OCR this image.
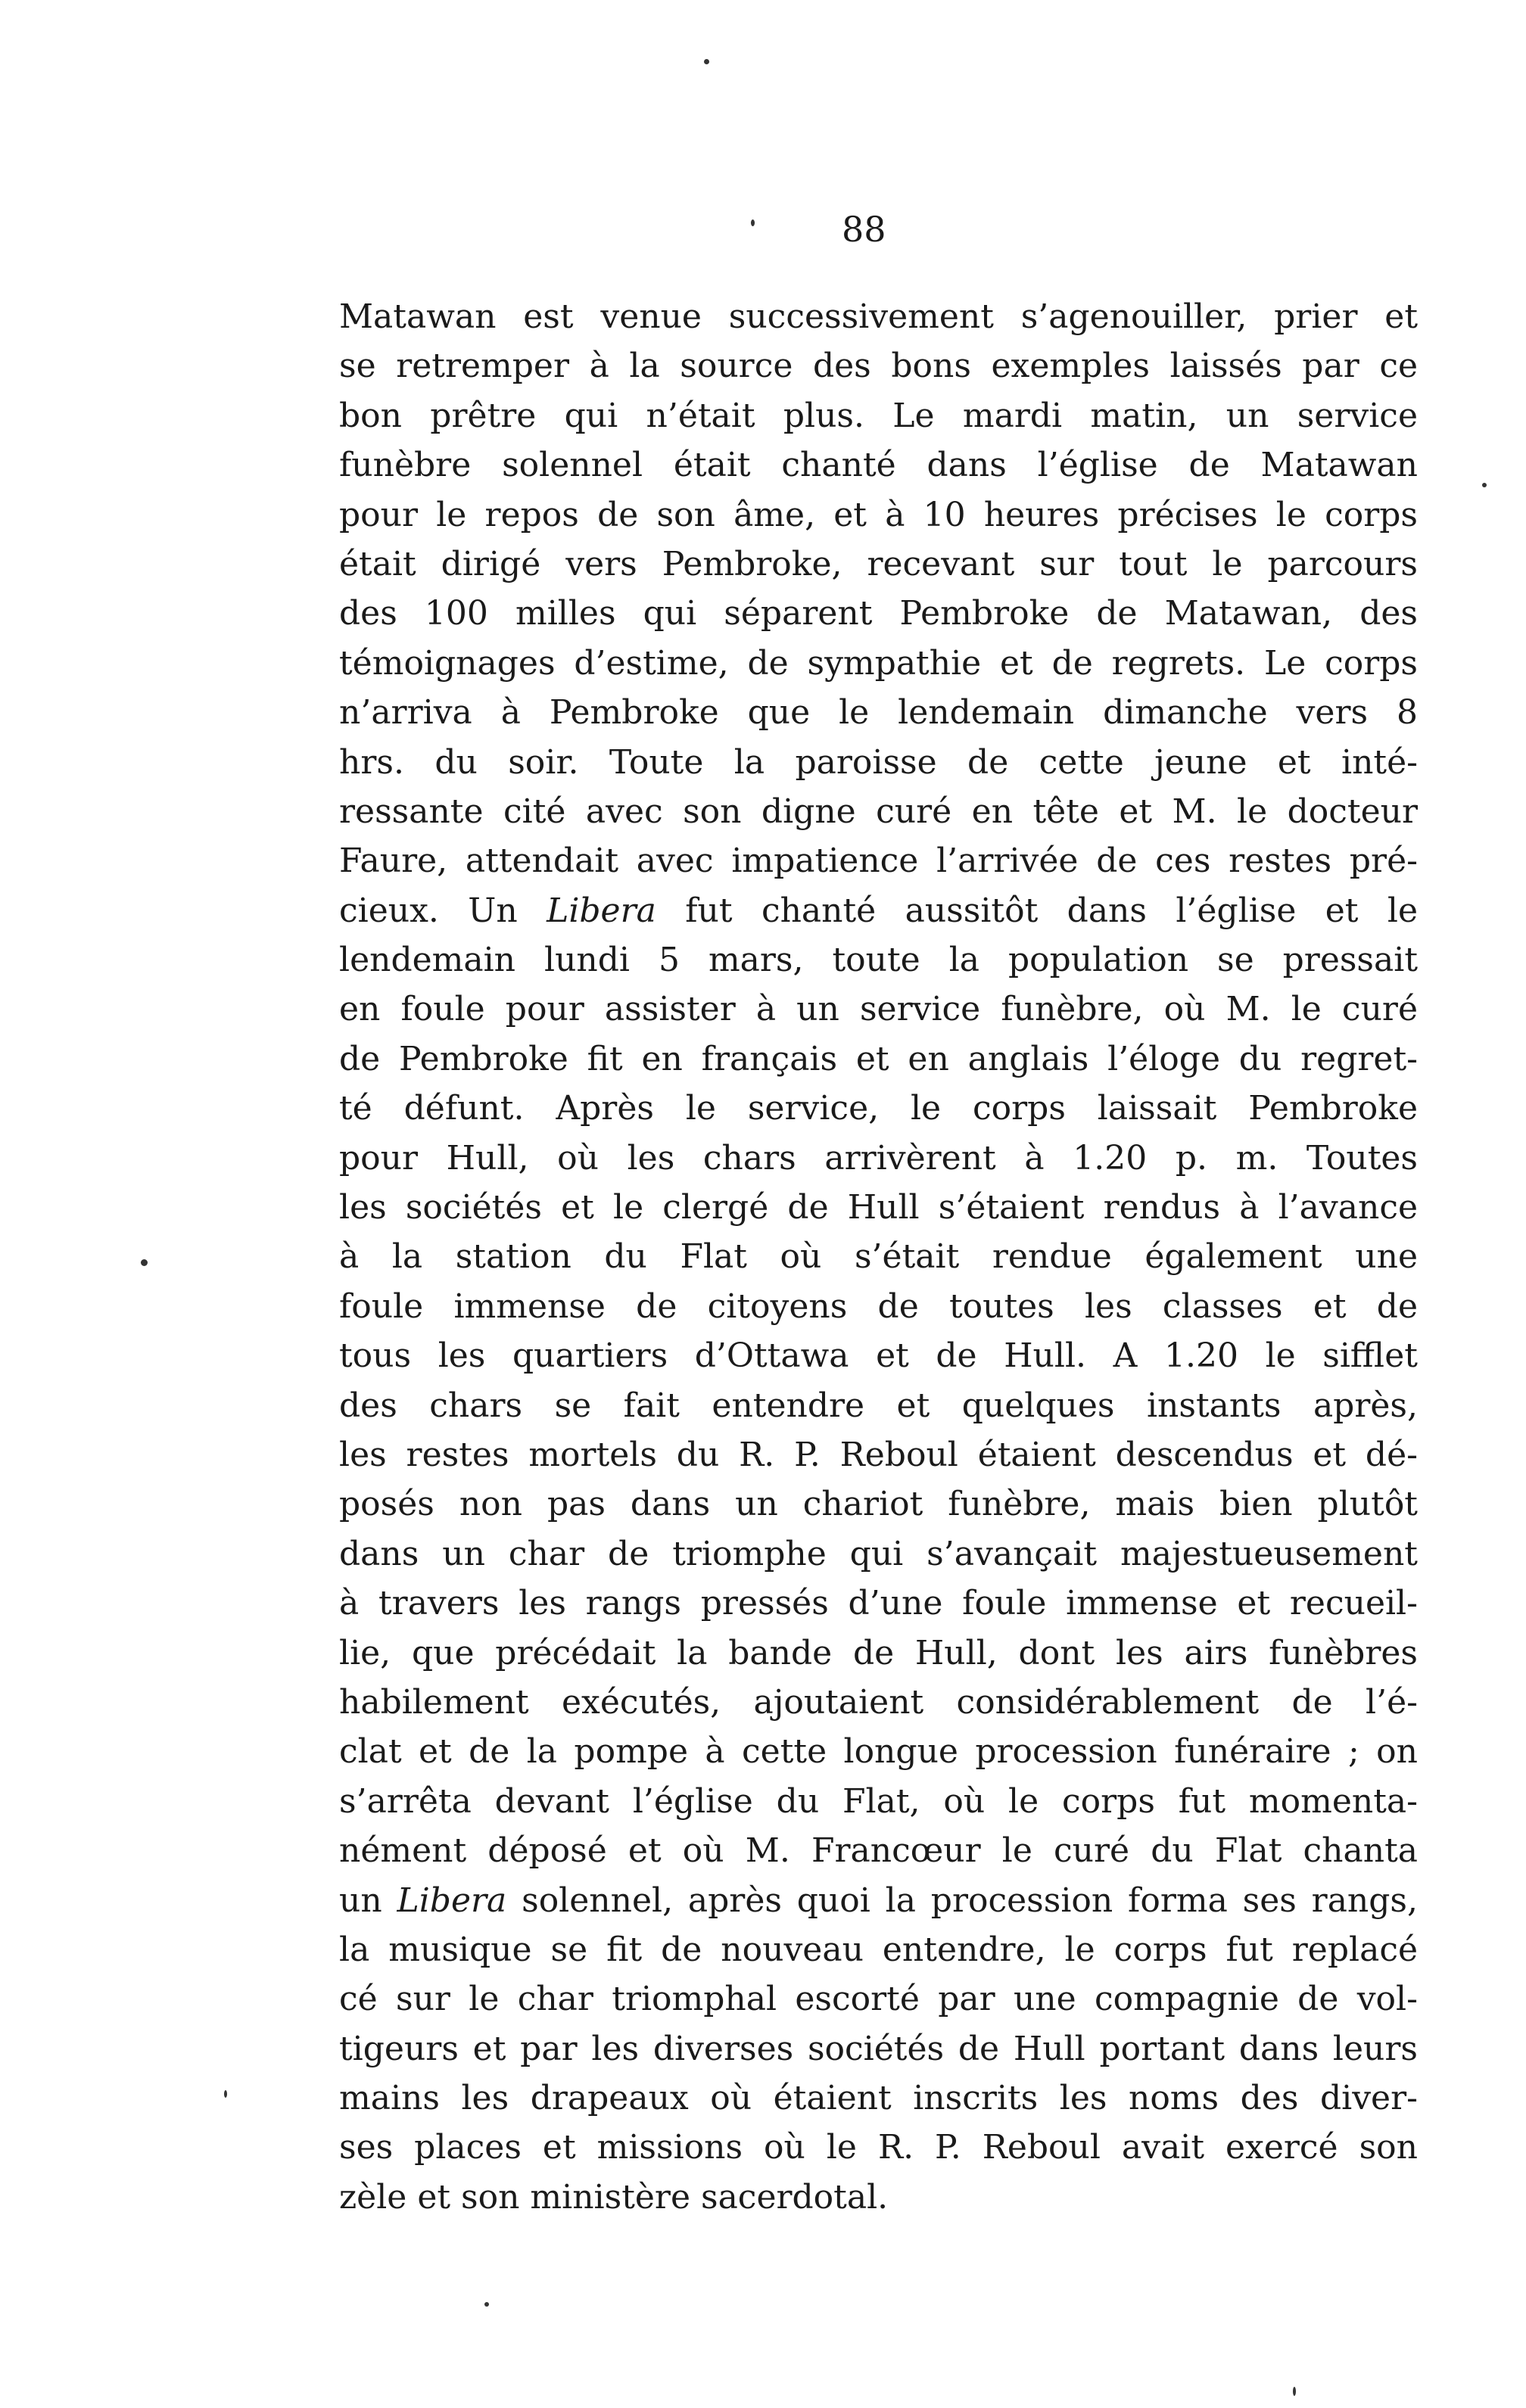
88
Matawan est venue successivement s’agenouiller, prier et
se retremper à la source des bons exemples laissés par ce
bon prêtre qui n’était plus. Le mardi matin, un service
funèbre solennel était chanté dans l’église de Matawan
pour le repos de son âme, et à 10 heures précises le corps
était dirigé vers Pembroke, recevant sur tout le parcours
des 100 milles qui séparent Pembroke de Matawan, des
témoignages d’estime, de sympathie et de regrets. Le corps
n’arriva à Pembroke que le lendemain dimanche vers 8
hrs. du soir. Toute la paroisse de cette jeune et inté-
ressante cité avec son digne curé en tête et M. le docteur
Faure, attendait avec impatience l’arrivée de ces restes pré-
cieux. Un Libera fut chanté aussitôt dans l’église et le
lendemain lundi 5 mars, toute la population se pressait
en foule pour assister à un service funèbre, où M. le curé
de Pembroke fit en français et en anglais l’éloge du regret-
té défunt. Après le service, le corps laissait Pembroke
pour Hull, où les chars arrivèrent à 1.20 p. m. Toutes
les sociétés et le clergé de Hull s’étaient rendus à l’avance
à la station du Flat où s’était rendue également une
foule immense de citoyens de toutes les classes et de
tous les quartiers d’Ottawa et de Hull. A 1.20 le sifflet
des chars se fait entendre et quelques instants après,
les restes mortels du R. P. Reboul étaient descendus et dé-
posés non pas dans un chariot funèbre, mais bien plutôt
dans un char de triomphe qui s’avançait majestueusement
à travers les rangs pressés d’une foule immense et recueil-
lie, que précédait la bande de Hull, dont les airs funèbres
habilement exécutés, ajoutaient considérablement de l’é-
clat et de la pompe à cette longue procession funéraire ; on
s’arrêta devant l’église du Flat, où le corps fut momenta-
nément déposé et où M. Francœur le curé du Flat chanta
un Libera solennel, après quoi la procession forma ses rangs,
la musique se fit de nouveau entendre, le corps fut replacé
cé sur le char triomphal escorté par une compagnie de vol-
tigeurs et par les diverses sociétés de Hull portant dans leurs
mains les drapeaux où étaient inscrits les noms des diver-
ses places et missions où le R. P. Reboul avait exercé son
zèle et son ministère sacerdotal.
